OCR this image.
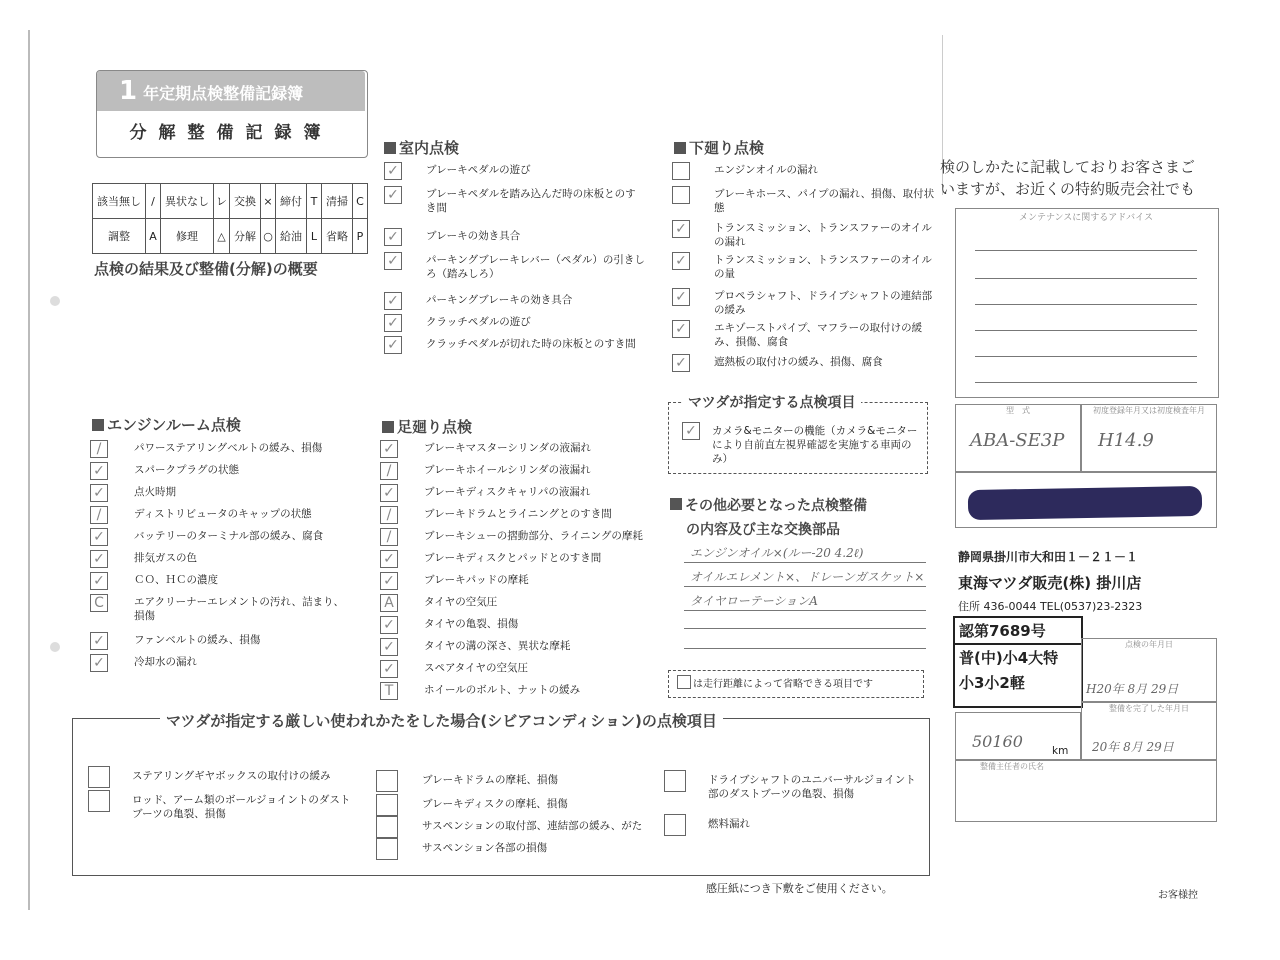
1 年定期点検整備記録簿
分解整備記録簿
該当無し	/	異状なし	レ	交換	×	締付	T	清掃	C
調整	A	修理	△	分解	○	給油	L	省略	P
点検の結果及び整備(分解)の概要
室内点検
✓	ブレーキペダルの遊び
✓	ブレーキペダルを踏み込んだ時の床板とのすき間
✓	ブレーキの効き具合
✓	パーキングブレーキレバー（ペダル）の引きしろ（踏みしろ）
✓	パーキングブレーキの効き具合
✓	クラッチペダルの遊び
✓	クラッチペダルが切れた時の床板とのすき間
下廻り点検
エンジンオイルの漏れ
ブレーキホース、パイプの漏れ、損傷、取付状態
✓	トランスミッション、トランスファーのオイルの漏れ
✓	トランスミッション、トランスファーのオイルの量
✓	プロペラシャフト、ドライブシャフトの連結部の緩み
✓	エキゾーストパイプ、マフラーの取付けの緩み、損傷、腐食
✓	遮熱板の取付けの緩み、損傷、腐食
マツダが指定する点検項目
✓ カメラ&モニターの機能（カメラ&モニターにより自前直左視界確認を実施する車両のみ）
その他必要となった点検整備
の内容及び主な交換部品
エンジンオイル×(ルー-20 4.2ℓ)
オイルエレメント×、ドレーンガスケット×
タイヤローテーションA
は走行距離によって省略できる項目です
エンジンルーム点検
/	パワーステアリングベルトの緩み、損傷
✓	スパークプラグの状態
✓	点火時期
/	ディストリビュータのキャップの状態
✓	バッテリーのターミナル部の緩み、腐食
✓	排気ガスの色
✓	ＣＯ、ＨＣの濃度
C	エアクリーナーエレメントの汚れ、詰まり、損傷
✓	ファンベルトの緩み、損傷
✓	冷却水の漏れ
足廻り点検
✓	ブレーキマスターシリンダの液漏れ
/	ブレーキホイールシリンダの液漏れ
✓	ブレーキディスクキャリパの液漏れ
/	ブレーキドラムとライニングとのすき間
/	ブレーキシューの摺動部分、ライニングの摩耗
✓	ブレーキディスクとパッドとのすき間
✓	ブレーキパッドの摩耗
A	タイヤの空気圧
✓	タイヤの亀裂、損傷
✓	タイヤの溝の深さ、異状な摩耗
✓	スペアタイヤの空気圧
T	ホイールのボルト、ナットの緩み
マツダが指定する厳しい使われかたをした場合(シビアコンディション)の点検項目
ステアリングギヤボックスの取付けの緩み
ロッド、アーム類のボールジョイントのダストブーツの亀裂、損傷
ブレーキドラムの摩耗、損傷
ブレーキディスクの摩耗、損傷
サスペンションの取付部、連結部の緩み、がた
サスペンション各部の損傷
ドライブシャフトのユニバーサルジョイント部のダストブーツの亀裂、損傷
燃料漏れ
感圧紙につき下敷をご使用ください。
お客様控
検のしかたに記載しておりお客さまご
いますが、お近くの特約販売会社でも
メンテナンスに関するアドバイス
型　式
ABA-SE3P
初度登録年月又は初度検査年月
H14.9
静岡県掛川市大和田１－２１－１
東海マツダ販売(株) 掛川店
住所 436-0044 TEL(0537)23-2323
認第7689号
普(中)小4大特
小3小2軽
点検の年月日
H20年 8月 29日
整備を完了した年月日
20年 8月 29日
50160	km
整備主任者の氏名
